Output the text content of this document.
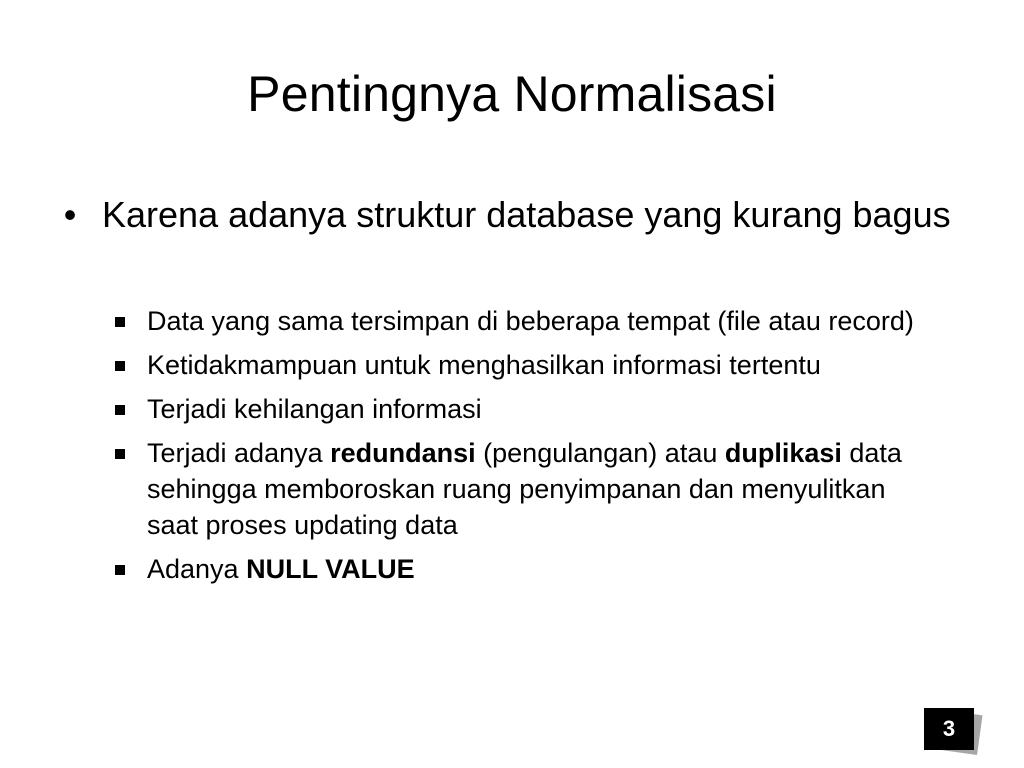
Pentingnya Normalisasi
• Karena adanya struktur database yang kurang bagus
Data yang sama tersimpan di beberapa tempat (file atau record)
Ketidakmampuan untuk menghasilkan informasi tertentu
Terjadi kehilangan informasi
Terjadi adanya redundansi (pengulangan) atau duplikasi data sehingga memboroskan ruang penyimpanan dan menyulitkan saat proses updating data
Adanya NULL VALUE
3
